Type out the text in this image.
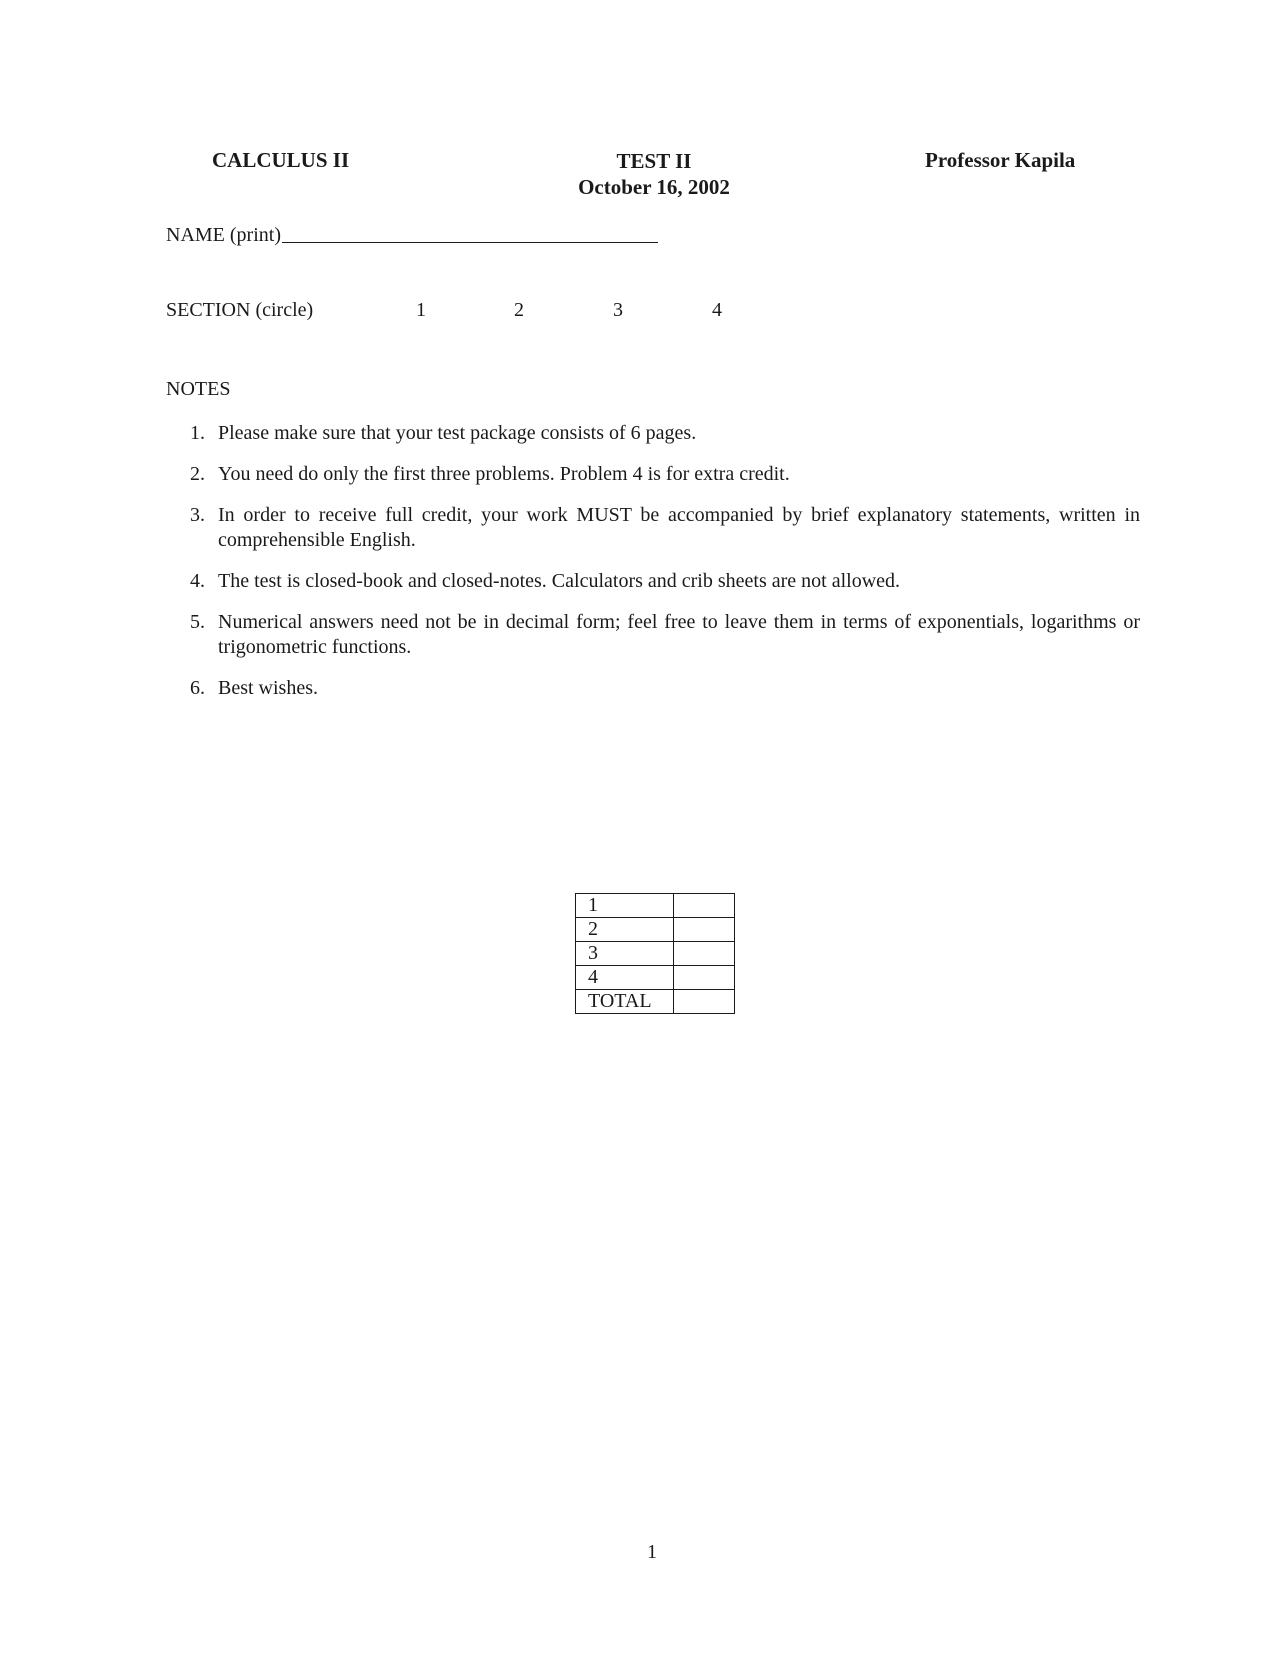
CALCULUS II	TEST II
October 16, 2002
Professor Kapila
NAME (print)
SECTION (circle)	1	2	3	4
NOTES
1. Please make sure that your test package consists of 6 pages.
2. You need do only the first three problems. Problem 4 is for extra credit.
3. In order to receive full credit, your work MUST be accompanied by brief explanatory statements, written in comprehensible English.
4. The test is closed-book and closed-notes. Calculators and crib sheets are not allowed.
5. Numerical answers need not be in decimal form; feel free to leave them in terms of exponentials, logarithms or trigonometric functions.
6. Best wishes.
1	
2	
3	
4	
TOTAL	
1
